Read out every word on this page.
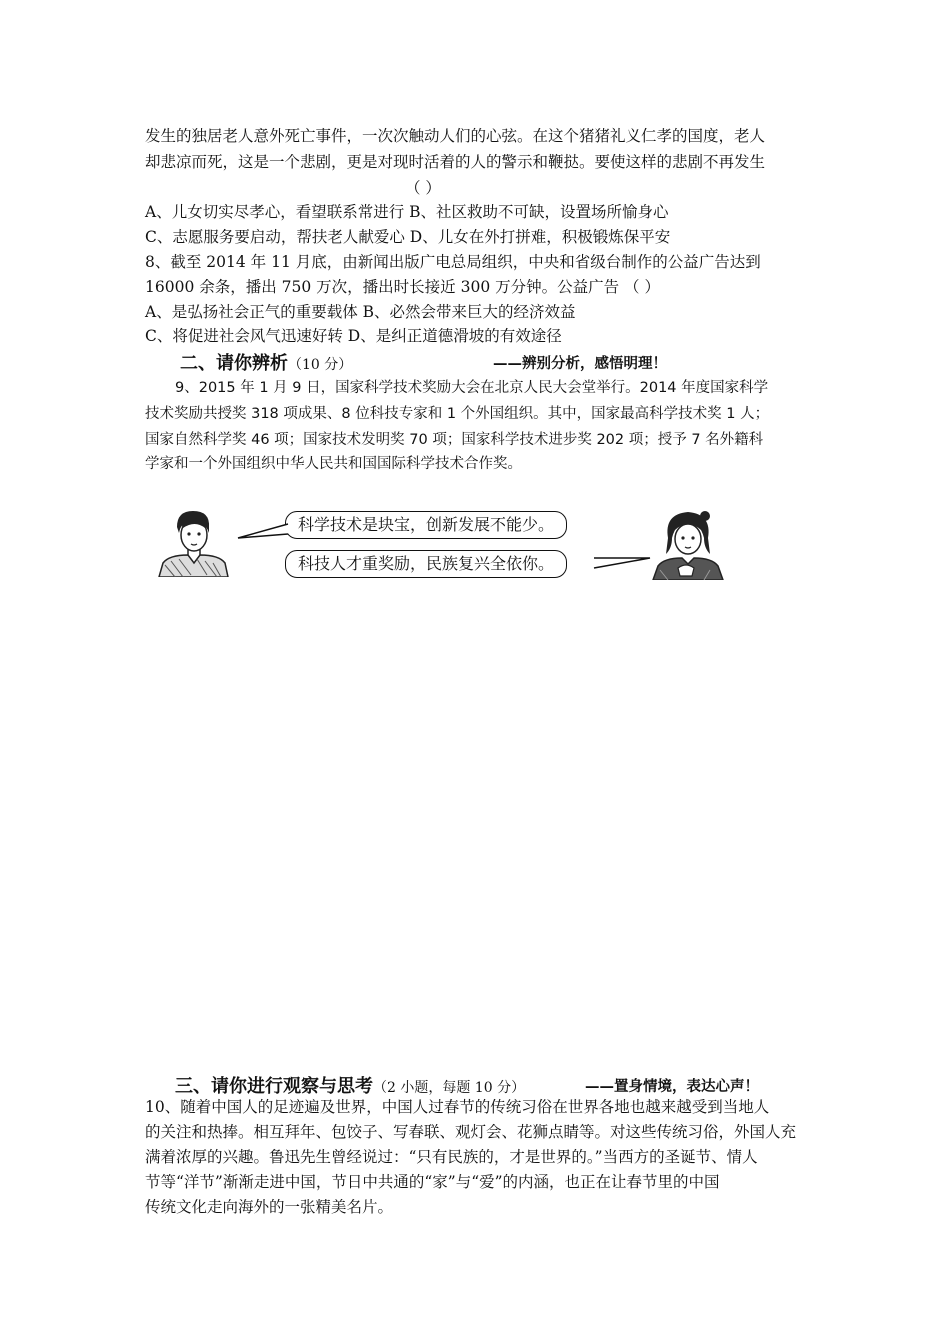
发生的独居老人意外死亡事件，一次次触动人们的心弦。在这个猪猪礼义仁孝的国度，老人
却悲凉而死，这是一个悲剧，更是对现时活着的人的警示和鞭挞。要使这样的悲剧不再发生
（ ）
A、儿女切实尽孝心，看望联系常进行 B、社区救助不可缺，设置场所愉身心
C、志愿服务要启动，帮扶老人献爱心 D、儿女在外打拼难，积极锻炼保平安
8、截至 2014 年 11 月底，由新闻出版广电总局组织，中央和省级台制作的公益广告达到
16000 余条，播出 750 万次，播出时长接近 300 万分钟。公益广告 （ ）
A、是弘扬社会正气的重要载体 B、必然会带来巨大的经济效益
C、将促进社会风气迅速好转 D、是纠正道德滑坡的有效途径
二、请你辨析（10 分）	——辨别分析，感悟明理！
9、2015 年 1 月 9 日，国家科学技术奖励大会在北京人民大会堂举行。2014 年度国家科学
技术奖励共授奖 318 项成果、8 位科技专家和 1 个外国组织。其中，国家最高科学技术奖 1 人；
国家自然科学奖 46 项；国家技术发明奖 70 项；国家科学技术进步奖 202 项；授予 7 名外籍科
学家和一个外国组织中华人民共和国国际科学技术合作奖。
科学技术是块宝，创新发展不能少。
科技人才重奖励，民族复兴全依你。
三、请你进行观察与思考（2 小题，每题 10 分）	——置身情境，表达心声！
10、随着中国人的足迹遍及世界，中国人过春节的传统习俗在世界各地也越来越受到当地人
的关注和热捧。相互拜年、包饺子、写春联、观灯会、花狮点睛等。对这些传统习俗，外国人充
满着浓厚的兴趣。鲁迅先生曾经说过：“只有民族的，才是世界的。”当西方的圣诞节、情人
节等“洋节”渐渐走进中国，节日中共通的“家”与“爱”的内涵，也正在让春节里的中国
传统文化走向海外的一张精美名片。
